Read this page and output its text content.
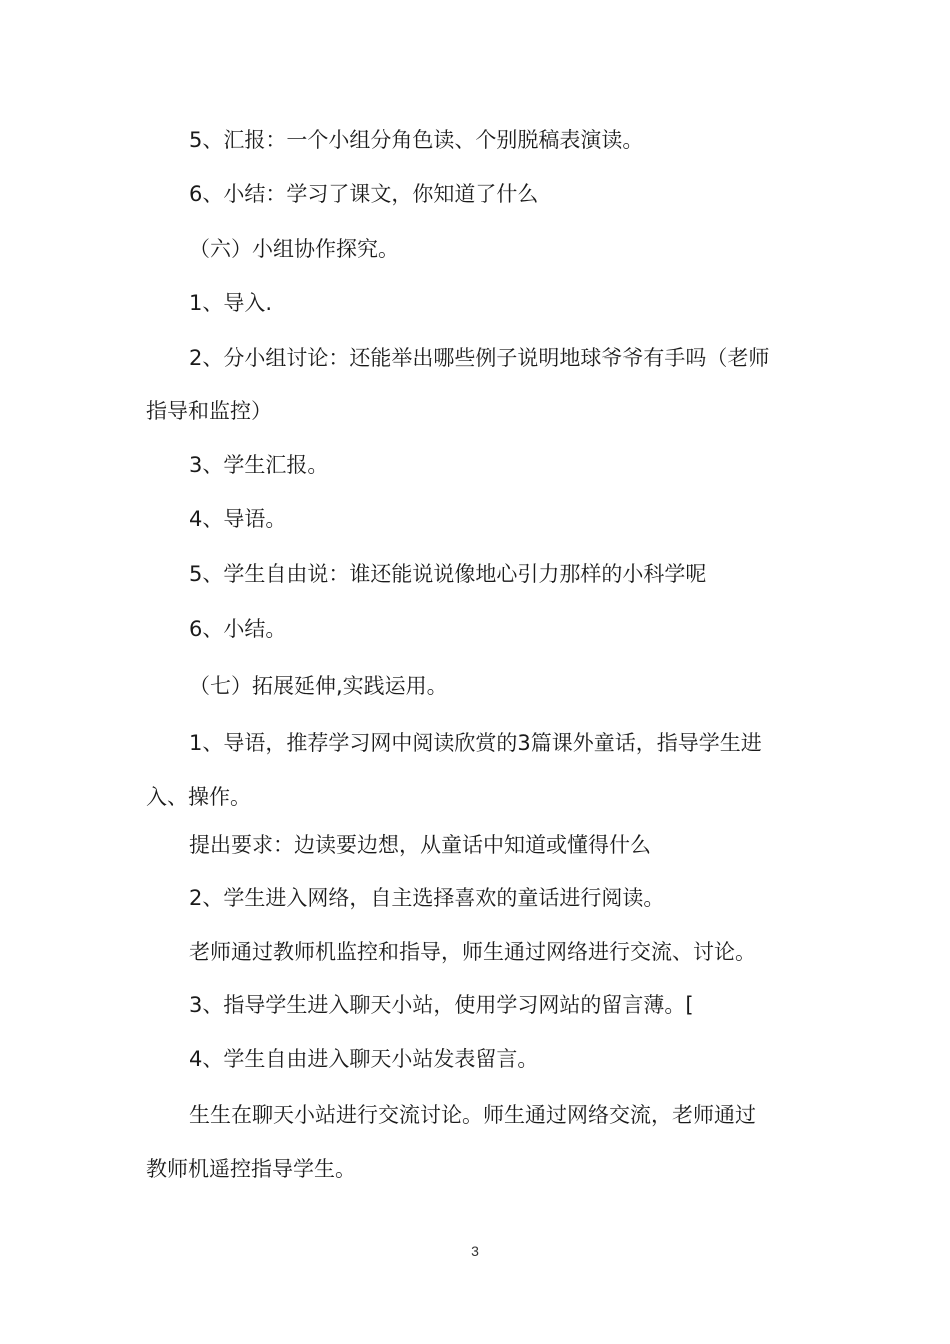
5、汇报：一个小组分角色读、个别脱稿表演读。
6、小结：学习了课文，你知道了什么
（六）小组协作探究。
1、导入.
2、分小组讨论：还能举出哪些例子说明地球爷爷有手吗（老师
指导和监控）
3、学生汇报。
4、导语。
5、学生自由说：谁还能说说像地心引力那样的小科学呢
6、小结。
（七）拓展延伸,实践运用。
1、导语，推荐学习网中阅读欣赏的3篇课外童话，指导学生进
入、操作。
提出要求：边读要边想，从童话中知道或懂得什么
2、学生进入网络，自主选择喜欢的童话进行阅读。
老师通过教师机监控和指导，师生通过网络进行交流、讨论。
3、指导学生进入聊天小站，使用学习网站的留言薄。[
4、学生自由进入聊天小站发表留言。
生生在聊天小站进行交流讨论。师生通过网络交流，老师通过
教师机遥控指导学生。
3
